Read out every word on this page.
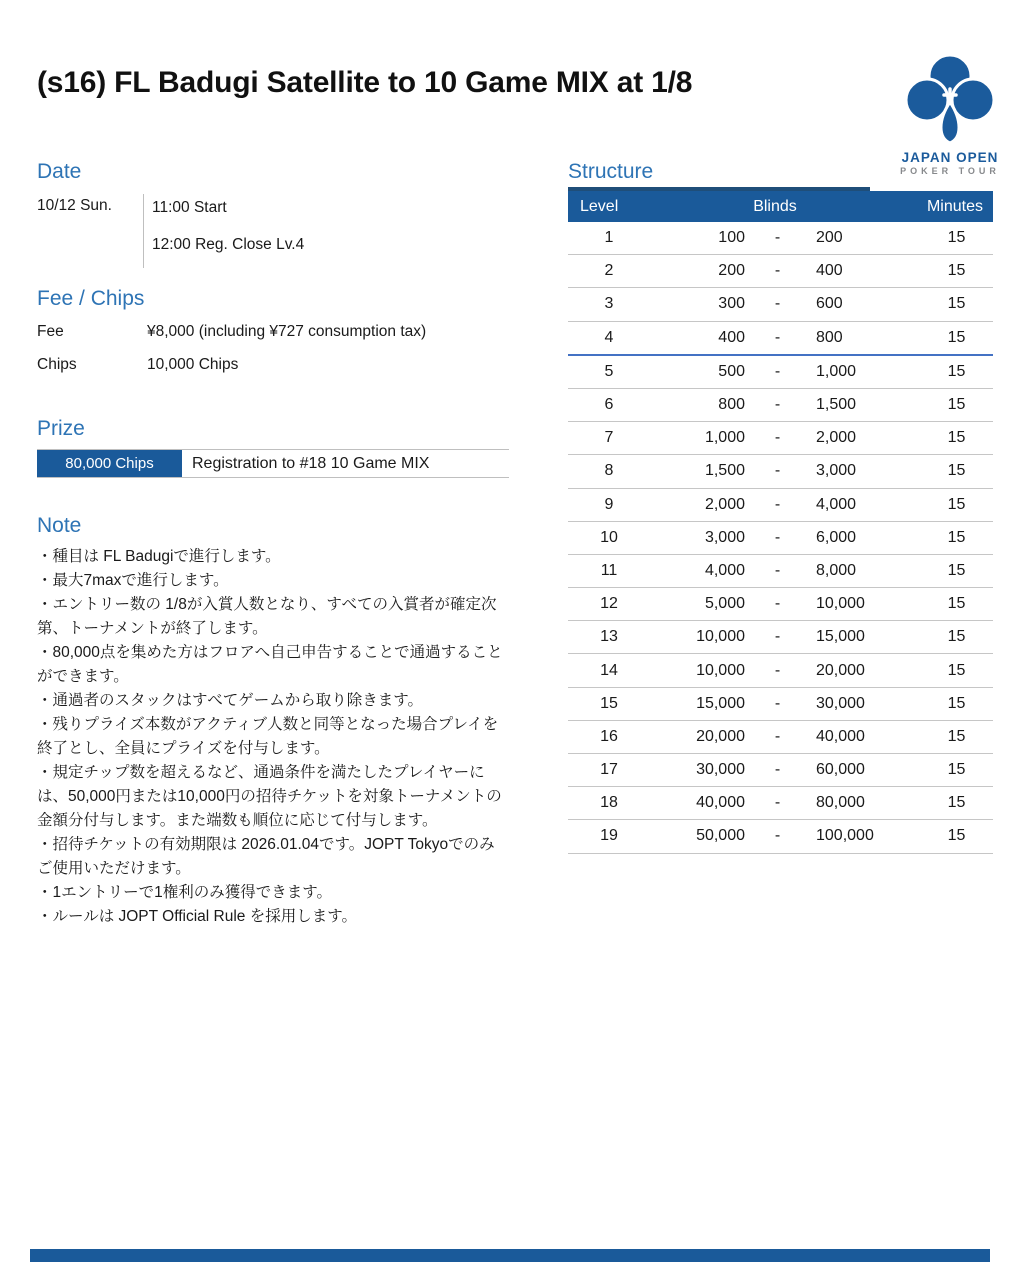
(s16) FL Badugi Satellite to 10 Game MIX at 1/8
JAPAN OPEN
POKER TOUR
Date
10/12 Sun.	11:00 Start
12:00 Reg. Close Lv.4
Fee / Chips
Fee	¥8,000 (including ¥727 consumption tax)
Chips	10,000 Chips
Prize
80,000 Chips	Registration to #18 10 Game MIX
Note
・種目は FL Badugiで進行します。
・最大7maxで進行します。
・エントリー数の 1/8が入賞人数となり、すべての入賞者が確定次第、トーナメントが終了します。
・80,000点を集めた方はフロアへ自己申告することで通過することができます。
・通過者のスタックはすべてゲームから取り除きます。
・残りプライズ本数がアクティブ人数と同等となった場合プレイを終了とし、全員にプライズを付与します。
・規定チップ数を超えるなど、通過条件を満たしたプレイヤーには、50,000円または10,000円の招待チケットを対象トーナメントの金額分付与します。また端数も順位に応じて付与します。
・招待チケットの有効期限は 2026.01.04です。JOPT Tokyoでのみご使用いただけます。
・1エントリーで1権利のみ獲得できます。
・ルールは JOPT Official Rule を採用します。
Structure
Level	Blinds	Minutes
1	100	-	200	15
2	200	-	400	15
3	300	-	600	15
4	400	-	800	15
5	500	-	1,000	15
6	800	-	1,500	15
7	1,000	-	2,000	15
8	1,500	-	3,000	15
9	2,000	-	4,000	15
10	3,000	-	6,000	15
11	4,000	-	8,000	15
12	5,000	-	10,000	15
13	10,000	-	15,000	15
14	10,000	-	20,000	15
15	15,000	-	30,000	15
16	20,000	-	40,000	15
17	30,000	-	60,000	15
18	40,000	-	80,000	15
19	50,000	-	100,000	15
